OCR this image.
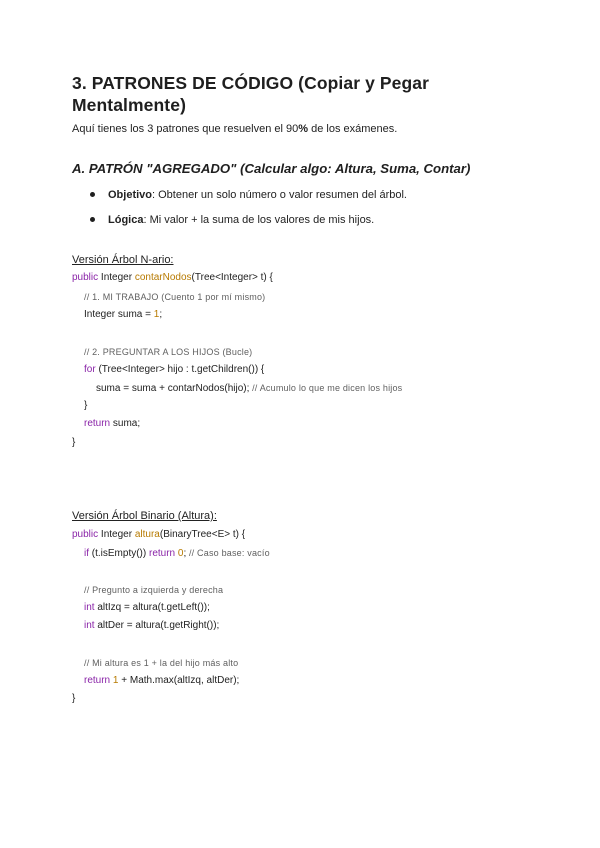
3. PATRONES DE CÓDIGO (Copiar y Pegar Mentalmente)

Aquí tienes los 3 patrones que resuelven el 90% de los exámenes.

A. PATRÓN "AGREGADO" (Calcular algo: Altura, Suma, Contar)
Objetivo: Obtener un solo número o valor resumen del árbol.
Lógica: Mi valor + la suma de los valores de mis hijos.

Versión Árbol N-ario:

public Integer contarNodos(Tree<Integer> t) {
// 1. MI TRABAJO (Cuento 1 por mí mismo)
Integer suma = 1;
// 2. PREGUNTAR A LOS HIJOS (Bucle)
for (Tree<Integer> hijo : t.getChildren()) {
suma = suma + contarNodos(hijo); // Acumulo lo que me dicen los hijos
}
return suma;
}

Versión Árbol Binario (Altura):

public Integer altura(BinaryTree<E> t) {
if (t.isEmpty()) return 0; // Caso base: vacío
// Pregunto a izquierda y derecha
int altIzq = altura(t.getLeft());
int altDer = altura(t.getRight());
// Mi altura es 1 + la del hijo más alto
return 1 + Math.max(altIzq, altDer);
}
